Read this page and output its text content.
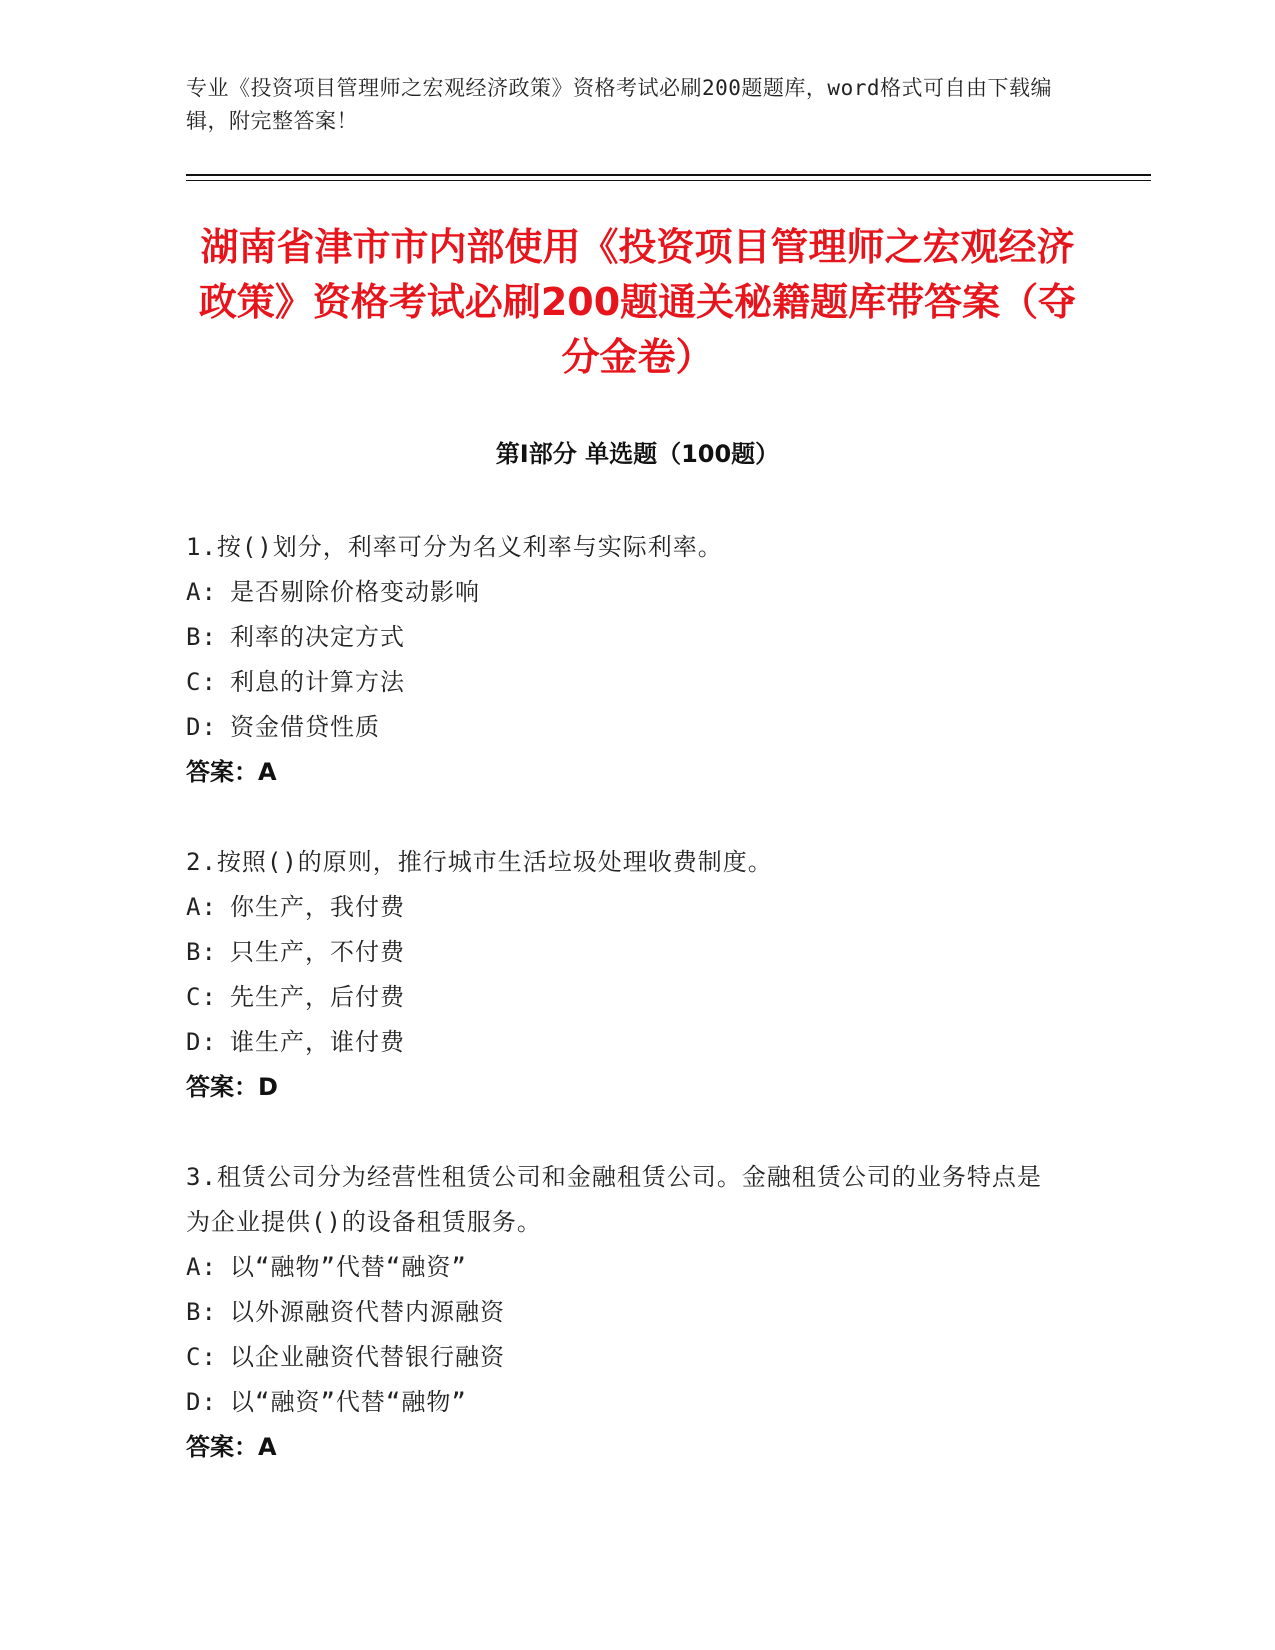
专业《投资项目管理师之宏观经济政策》资格考试必刷200题题库，word格式可自由下载编辑，附完整答案！
湖南省津市市内部使用《投资项目管理师之宏观经济政策》资格考试必刷200题通关秘籍题库带答案（夺分金卷）
第Ⅰ部分 单选题（100题）
1.按()划分，利率可分为名义利率与实际利率。
A: 是否剔除价格变动影响
B: 利率的决定方式
C: 利息的计算方法
D: 资金借贷性质
答案：A
2.按照()的原则，推行城市生活垃圾处理收费制度。
A: 你生产，我付费
B: 只生产，不付费
C: 先生产，后付费
D: 谁生产，谁付费
答案：D
3.租赁公司分为经营性租赁公司和金融租赁公司。金融租赁公司的业务特点是为企业提供()的设备租赁服务。
A: 以“融物”代替“融资”
B: 以外源融资代替内源融资
C: 以企业融资代替银行融资
D: 以“融资”代替“融物”
答案：A
